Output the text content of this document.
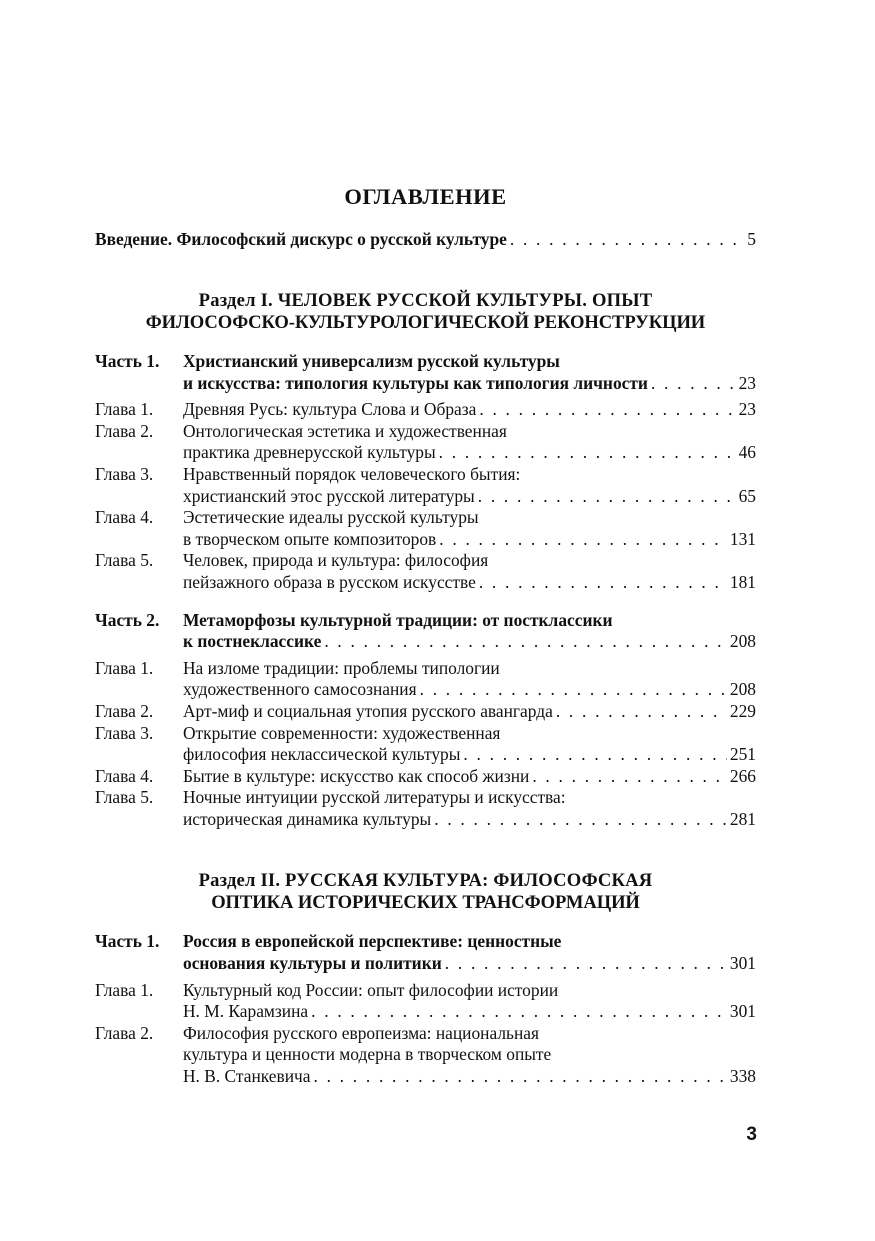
ОГЛАВЛЕНИЕ
Введение. Философский дискурс о русской культуре . . .	5
Раздел I. ЧЕЛОВЕК РУССКОЙ КУЛЬТУРЫ. ОПЫТ
ФИЛОСОФСКО-КУЛЬТУРОЛОГИЧЕСКОЙ РЕКОНСТРУКЦИИ
Часть 1.	Христианский универсализм русской культуры
и искусства: типология культуры как типология личности . . .	23
Глава 1.	Древняя Русь: культура Слова и Образа . . .	23
Глава 2.	Онтологическая эстетика и художественная
практика древнерусской культуры . . .	46
Глава 3.	Нравственный порядок человеческого бытия:
христианский этос русской литературы . . .	65
Глава 4.	Эстетические идеалы русской культуры
в творческом опыте композиторов . . .	131
Глава 5.	Человек, природа и культура: философия
пейзажного образа в русском искусстве . . .	181
Часть 2.	Метаморфозы культурной традиции: от постклассики
к постнеклассике . . .	208
Глава 1.	На изломе традиции: проблемы типологии
художественного самосознания . . .	208
Глава 2.	Арт-миф и социальная утопия русского авангарда . . .	229
Глава 3.	Открытие современности: художественная
философия неклассической культуры . . .	251
Глава 4.	Бытие в культуре: искусство как способ жизни . . .	266
Глава 5.	Ночные интуиции русской литературы и искусства:
историческая динамика культуры . . .	281
Раздел II. РУССКАЯ КУЛЬТУРА: ФИЛОСОФСКАЯ
ОПТИКА ИСТОРИЧЕСКИХ ТРАНСФОРМАЦИЙ
Часть 1.	Россия в европейской перспективе: ценностные
основания культуры и политики . . .	301
Глава 1.	Культурный код России: опыт философии истории
Н. М. Карамзина . . .	301
Глава 2.	Философия русского европеизма: национальная
культура и ценности модерна в творческом опыте
Н. В. Станкевича . . .	338
3
